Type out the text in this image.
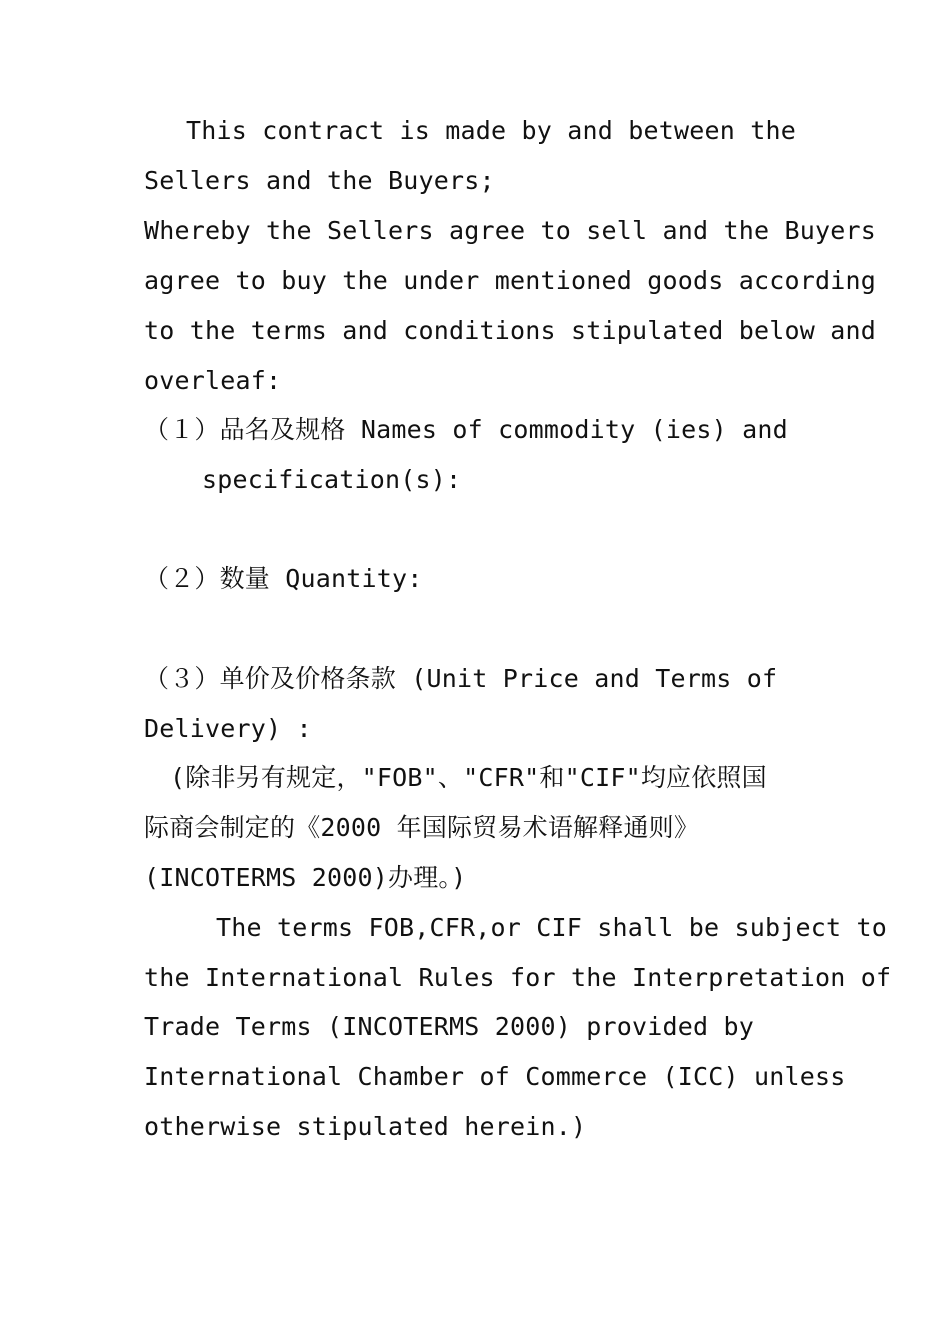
This contract is made by and between the

Sellers and the Buyers;

Whereby the Sellers agree to sell and the Buyers

agree to buy the under mentioned goods according

to the terms and conditions stipulated below and

overleaf:

（１）品名及规格 Names of commodity (ies) and

specification(s):

（２）数量 Quantity:

（３）单价及价格条款 (Unit Price and Terms of

Delivery) :

(除非另有规定，"FOB"、"CFR"和"CIF"均应依照国

际商会制定的《2000 年国际贸易术语解释通则》

(INCOTERMS 2000)办理。)

The terms FOB,CFR,or CIF shall be subject to

the International Rules for the Interpretation of

Trade Terms (INCOTERMS 2000) provided by

International Chamber of Commerce (ICC) unless

otherwise stipulated herein.)
